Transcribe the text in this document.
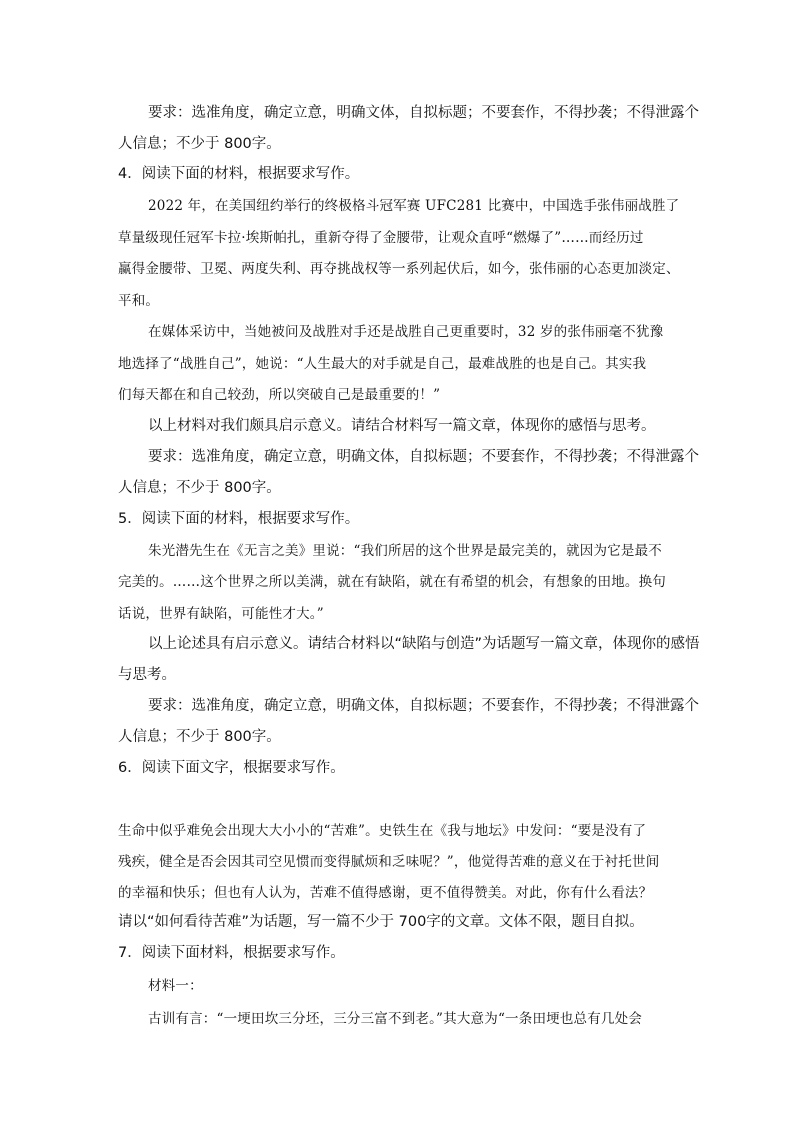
要求：选准角度，确定立意，明确文体，自拟标题；不要套作，不得抄袭；不得泄露个
人信息；不少于 800字。
4．阅读下面的材料，根据要求写作。
2022 年，在美国纽约举行的终极格斗冠军赛 UFC281 比赛中，中国选手张伟丽战胜了
草量级现任冠军卡拉·埃斯帕扎，重新夺得了金腰带，让观众直呼“燃爆了”……而经历过
赢得金腰带、卫冕、两度失利、再夺挑战权等一系列起伏后，如今，张伟丽的心态更加淡定、
平和。
在媒体采访中，当她被问及战胜对手还是战胜自己更重要时，32 岁的张伟丽毫不犹豫
地选择了“战胜自己”，她说：“人生最大的对手就是自己，最难战胜的也是自己。其实我
们每天都在和自己较劲，所以突破自己是最重要的！”
以上材料对我们颇具启示意义。请结合材料写一篇文章，体现你的感悟与思考。
要求：选准角度，确定立意，明确文体，自拟标题；不要套作，不得抄袭；不得泄露个
人信息；不少于 800字。
5．阅读下面的材料，根据要求写作。
朱光潜先生在《无言之美》里说：“我们所居的这个世界是最完美的，就因为它是最不
完美的。……这个世界之所以美满，就在有缺陷，就在有希望的机会，有想象的田地。换句
话说，世界有缺陷，可能性才大。”
以上论述具有启示意义。请结合材料以“缺陷与创造”为话题写一篇文章，体现你的感悟
与思考。
要求：选准角度，确定立意，明确文体，自拟标题；不要套作，不得抄袭；不得泄露个
人信息；不少于 800字。
6．阅读下面文字，根据要求写作。
生命中似乎难免会出现大大小小的“苦难”。史铁生在《我与地坛》中发问：“要是没有了
残疾，健全是否会因其司空见惯而变得腻烦和乏味呢？”，他觉得苦难的意义在于衬托世间
的幸福和快乐；但也有人认为，苦难不值得感谢，更不值得赞美。对此，你有什么看法？
请以“如何看待苦难”为话题，写一篇不少于 700字的文章。文体不限，题目自拟。
7．阅读下面材料，根据要求写作。
材料一：
古训有言：“一埂田坎三分坯，三分三富不到老。”其大意为“一条田埂也总有几处会
